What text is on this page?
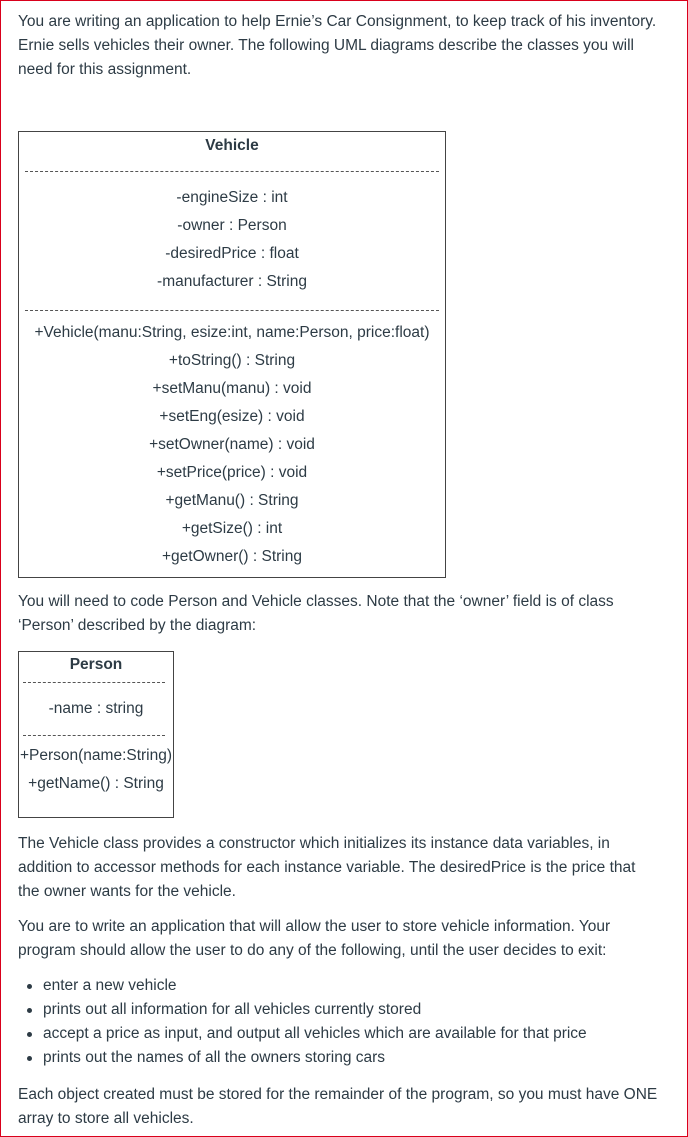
You are writing an application to help Ernie’s Car Consignment, to keep track of his inventory. Ernie sells vehicles their owner. The following UML diagrams describe the classes you will need for this assignment.

Vehicle
-engineSize : int
-owner : Person
-desiredPrice : float
-manufacturer : String
+Vehicle(manu:String, esize:int, name:Person, price:float)
+toString() : String
+setManu(manu) : void
+setEng(esize) : void
+setOwner(name) : void
+setPrice(price) : void
+getManu() : String
+getSize() : int
+getOwner() : String

You will need to code Person and Vehicle classes. Note that the ‘owner’ field is of class ‘Person’ described by the diagram:

Person
-name : string
+Person(name:String)
+getName() : String

The Vehicle class provides a constructor which initializes its instance data variables, in addition to accessor methods for each instance variable. The desiredPrice is the price that the owner wants for the vehicle.

You are to write an application that will allow the user to store vehicle information. Your program should allow the user to do any of the following, until the user decides to exit:

enter a new vehicle
prints out all information for all vehicles currently stored
accept a price as input, and output all vehicles which are available for that price
prints out the names of all the owners storing cars

Each object created must be stored for the remainder of the program, so you must have ONE array to store all vehicles.
